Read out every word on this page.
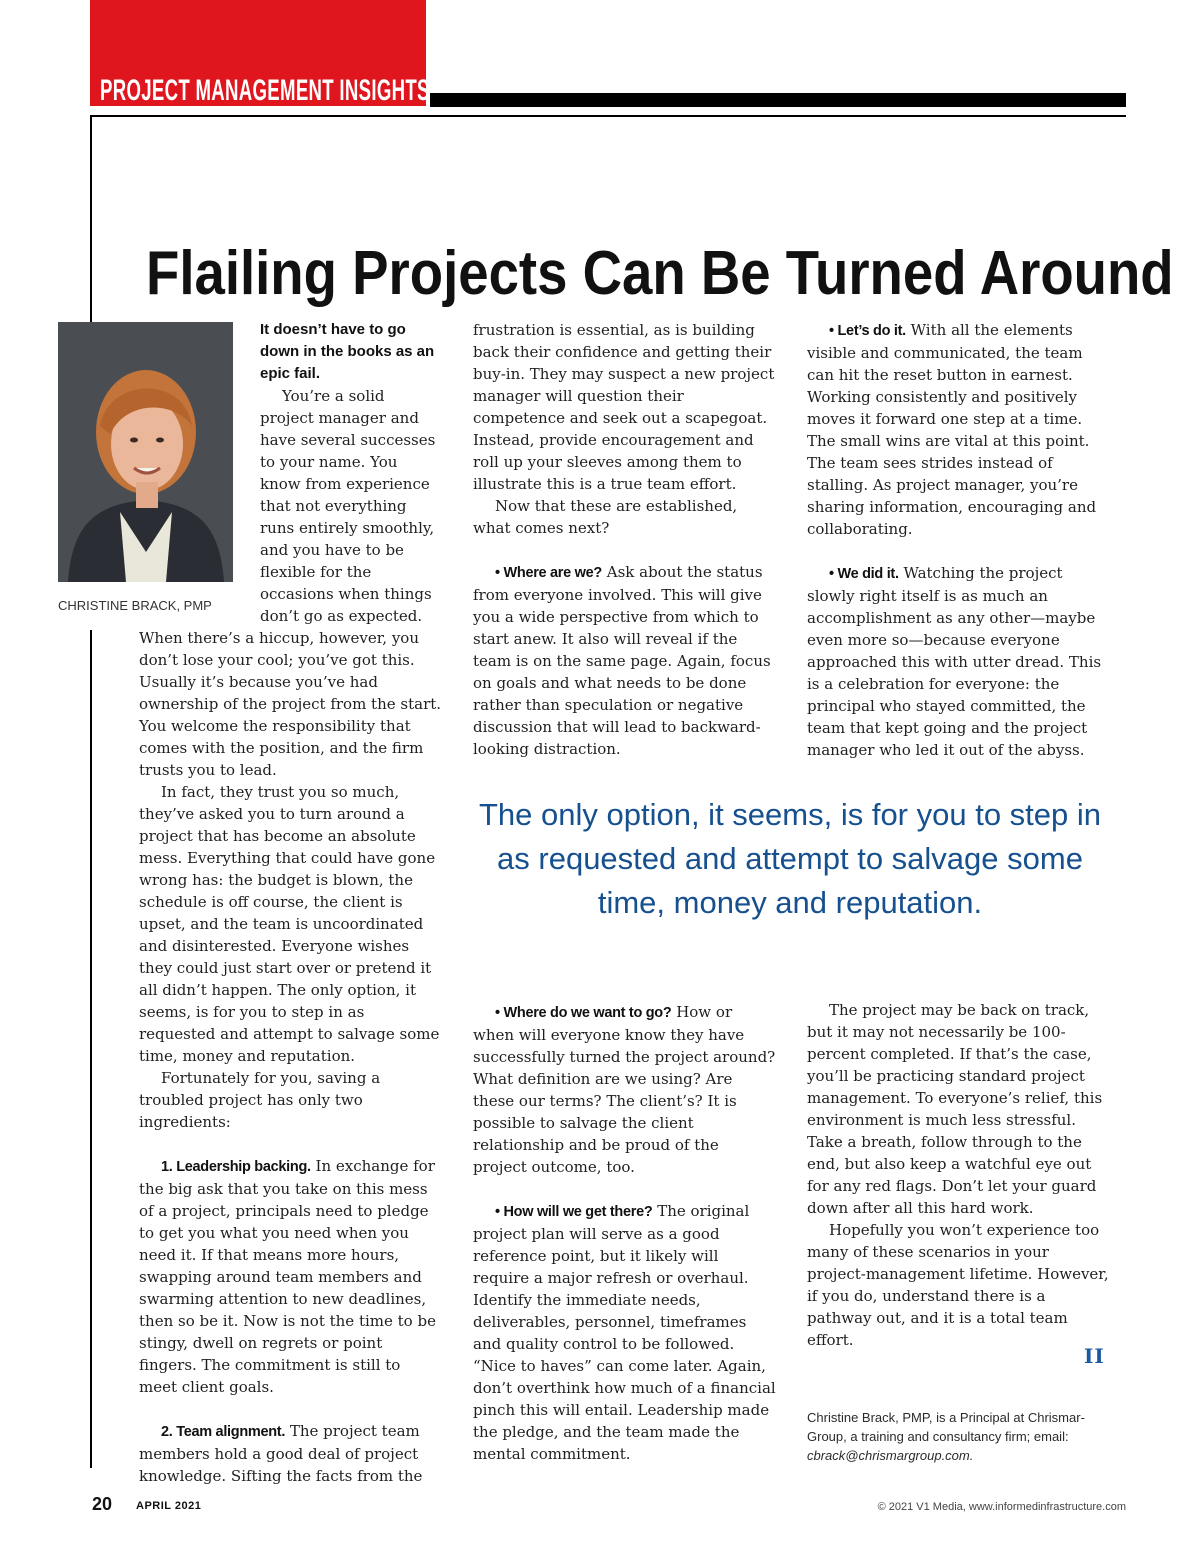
PROJECT MANAGEMENT INSIGHTS
Flailing Projects Can Be Turned Around
CHRISTINE BRACK, PMP
It doesn’t have to go down in the books as an epic fail.

You’re a solid project manager and have several successes to your name. You know from experience that not everything runs entirely smoothly, and you have to be flexible for the occasions when things don’t go as expected.

When there’s a hiccup, however, you don’t lose your cool; you’ve got this. Usually it’s because you’ve had ownership of the project from the start. You welcome the responsibility that comes with the position, and the firm trusts you to lead.

In fact, they trust you so much, they’ve asked you to turn around a project that has become an absolute mess. Everything that could have gone wrong has: the budget is blown, the schedule is off course, the client is upset, and the team is uncoordinated and disinterested. Everyone wishes they could just start over or pretend it all didn’t happen. The only option, it seems, is for you to step in as requested and attempt to salvage some time, money and reputation.

Fortunately for you, saving a troubled project has only two ingredients:

1. Leadership backing. In exchange for the big ask that you take on this mess of a project, principals need to pledge to get you what you need when you need it. If that means more hours, swapping around team members and swarming attention to new deadlines, then so be it. Now is not the time to be stingy, dwell on regrets or point fingers. The commitment is still to meet client goals.

2. Team alignment. The project team members hold a good deal of project knowledge. Sifting the facts from the

frustration is essential, as is building back their confidence and getting their buy-in. They may suspect a new project manager will question their competence and seek out a scapegoat. Instead, provide encouragement and roll up your sleeves among them to illustrate this is a true team effort.

Now that these are established, what comes next?

• Where are we? Ask about the status from everyone involved. This will give you a wide perspective from which to start anew. It also will reveal if the team is on the same page. Again, focus on goals and what needs to be done rather than speculation or negative discussion that will lead to backward-looking distraction.

• Let’s do it. With all the elements visible and communicated, the team can hit the reset button in earnest. Working consistently and positively moves it forward one step at a time. The small wins are vital at this point. The team sees strides instead of stalling. As project manager, you’re sharing information, encouraging and collaborating.

• We did it. Watching the project slowly right itself is as much an accomplishment as any other—maybe even more so—because everyone approached this with utter dread. This is a celebration for everyone: the principal who stayed committed, the team that kept going and the project manager who led it out of the abyss.

The only option, it seems, is for you to step in as requested and attempt to salvage some time, money and reputation.

• Where do we want to go? How or when will everyone know they have successfully turned the project around? What definition are we using? Are these our terms? The client’s? It is possible to salvage the client relationship and be proud of the project outcome, too.

• How will we get there? The original project plan will serve as a good reference point, but it likely will require a major refresh or overhaul. Identify the immediate needs, deliverables, personnel, timeframes and quality control to be followed. “Nice to haves” can come later. Again, don’t overthink how much of a financial pinch this will entail. Leadership made the pledge, and the team made the mental commitment.

The project may be back on track, but it may not necessarily be 100-percent completed. If that’s the case, you’ll be practicing standard project management. To everyone’s relief, this environment is much less stressful. Take a breath, follow through to the end, but also keep a watchful eye out for any red flags. Don’t let your guard down after all this hard work.

Hopefully you won’t experience too many of these scenarios in your project-management lifetime. However, if you do, understand there is a pathway out, and it is a total team effort.

II
Christine Brack, PMP, is a Principal at Chrismar-Group, a training and consultancy firm; email: cbrack@chrismargroup.com.
20 APRIL 2021	© 2021 V1 Media, www.informedinfrastructure.com
